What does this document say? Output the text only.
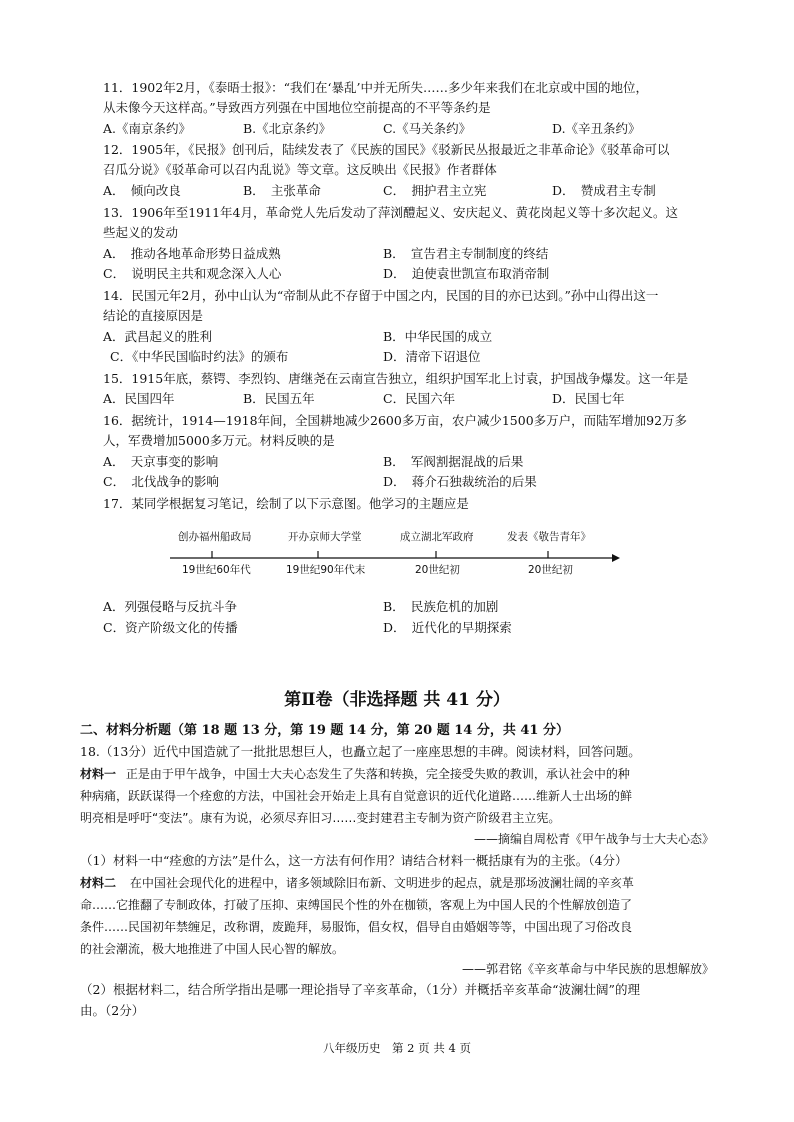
11．1902年2月，《泰晤士报》：“我们在‘暴乱’中并无所失……多少年来我们在北京或中国的地位，
从未像今天这样高。”导致西方列强在中国地位空前提高的不平等条约是
A.《南京条约》	B.《北京条约》	C.《马关条约》	D.《辛丑条约》
12．1905年，《民报》创刊后，陆续发表了《民族的国民》《驳新民丛报最近之非革命论》《驳革命可以
召瓜分说》《驳革命可以召内乱说》等文章。这反映出《民报》作者群体
A．　倾向改良	B．　主张革命	C．　拥护君主立宪	D．　赞成君主专制
13．1906年至1911年4月，革命党人先后发动了萍浏醴起义、安庆起义、黄花岗起义等十多次起义。这
些起义的发动
A．　推动各地革命形势日益成熟	B．　宣告君主专制制度的终结
C．　说明民主共和观念深入人心	D．　迫使袁世凯宣布取消帝制
14．民国元年2月，孙中山认为“帝制从此不存留于中国之内，民国的目的亦已达到。”孙中山得出这一
结论的直接原因是
A．武昌起义的胜利	B．中华民国的成立
C．《中华民国临时约法》的颁布	D．清帝下诏退位
15．1915年底，蔡锷、李烈钧、唐继尧在云南宣告独立，组织护国军北上讨袁，护国战争爆发。这一年是
A．民国四年	B．民国五年	C．民国六年	D．民国七年
16．据统计，1914—1918年间，全国耕地减少2600多万亩，农户减少1500多万户，而陆军增加92万多
人，军费增加5000多万元。材料反映的是
A．　天京事变的影响	B．　军阀割据混战的后果
C．　北伐战争的影响	D．　蒋介石独裁统治的后果
17．某同学根据复习笔记，绘制了以下示意图。他学习的主题应是
创办福州船政局	开办京师大学堂	成立湖北军政府	发表《敬告青年》
19世纪60年代	19世纪90年代末	20世纪初	20世纪初
A．列强侵略与反抗斗争	B．　民族危机的加剧
C．资产阶级文化的传播	D．　近代化的早期探索
第Ⅱ卷（非选择题 共 41 分）
二、材料分析题（第 18 题 13 分，第 19 题 14 分，第 20 题 14 分，共 41 分）
18.（13分）近代中国造就了一批批思想巨人，也矗立起了一座座思想的丰碑。阅读材料，回答问题。
材料一 正是由于甲午战争，中国士大夫心态发生了失落和转换，完全接受失败的教训，承认社会中的种
种病痛，跃跃谋得一个痊愈的方法，中国社会开始走上具有自觉意识的近代化道路……维新人士出场的鲜
明亮相是呼吁“变法”。康有为说，必须尽弃旧习……变封建君主专制为资产阶级君主立宪。
——摘编自周松青《甲午战争与士大夫心态》
（1）材料一中“痊愈的方法”是什么，这一方法有何作用？请结合材料一概括康有为的主张。（4分）
材料二 在中国社会现代化的进程中，诸多领域除旧布新、文明进步的起点，就是那场波澜壮阔的辛亥革
命……它推翻了专制政体，打破了压抑、束缚国民个性的外在枷锁，客观上为中国人民的个性解放创造了
条件……民国初年禁缠足，改称谓，废跪拜，易服饰，倡女权，倡导自由婚姻等等，中国出现了习俗改良
的社会潮流，极大地推进了中国人民心智的解放。
——郭君铭《辛亥革命与中华民族的思想解放》
（2）根据材料二，结合所学指出是哪一理论指导了辛亥革命，（1分）并概括辛亥革命“波澜壮阔”的理
由。（2分）
八年级历史　第 2 页 共 4 页
